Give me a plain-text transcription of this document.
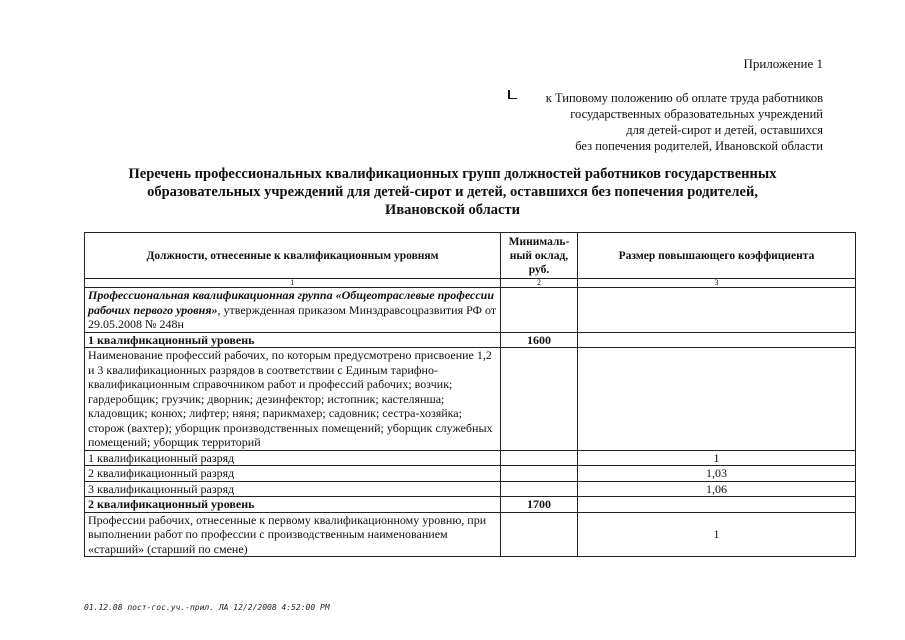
Приложение 1
к Типовому положению об оплате труда работников
государственных образовательных учреждений
для детей-сирот и детей, оставшихся
без попечения родителей, Ивановской области
Перечень профессиональных квалификационных групп должностей работников государственных
образовательных учреждений для детей-сирот и детей, оставшихся без попечения родителей,
Ивановской области
Должности, отнесенные к квалификационным уровням	Минималь-ный оклад, руб.	Размер повышающего коэффициента
1	2	3
Профессиональная квалификационная группа «Общеотраслевые профессии рабочих первого уровня», утвержденная приказом Минздравсоцразвития РФ от 29.05.2008 № 248н		
1 квалификационный уровень	1600	
Наименование профессий рабочих, по которым предусмотрено присвоение 1,2 и 3 квалификационных разрядов в соответствии с Единым тарифно-квалификационным справочником работ и профессий рабочих; возчик; гардеробщик; грузчик; дворник; дезинфектор; истопник; кастелянша; кладовщик; конюх; лифтер; няня; парикмахер; садовник; сестра-хозяйка; сторож (вахтер); уборщик производственных помещений; уборщик служебных помещений; уборщик территорий		
1 квалификационный разряд		1
2 квалификационный разряд		1,03
3 квалификационный разряд		1,06
2 квалификационный уровень	1700	
Профессии рабочих, отнесенные к первому квалификационному уровню, при выполнении работ по профессии с производственным наименованием «старший» (старший по смене)		1
01.12.08 пост-гос.уч.-прил. ЛА 12/2/2008 4:52:00 PM
